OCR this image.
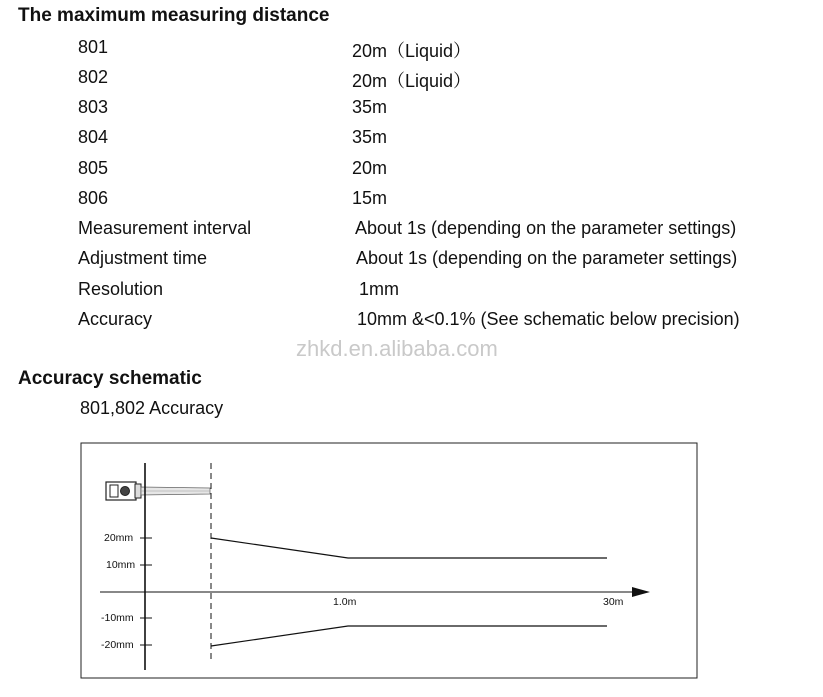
The maximum measuring distance
801	20m（Liquid）
802	20m（Liquid）
803	35m
804	35m
805	20m
806	15m
Measurement interval	About 1s (depending on the parameter settings)
Adjustment time	About 1s (depending on the parameter settings)
Resolution	1mm
Accuracy	10mm &<0.1% (See schematic below precision)
zhkd.en.alibaba.com
Accuracy schematic
801,802 Accuracy
20mm
10mm
-10mm
-20mm
1.0m	30m
